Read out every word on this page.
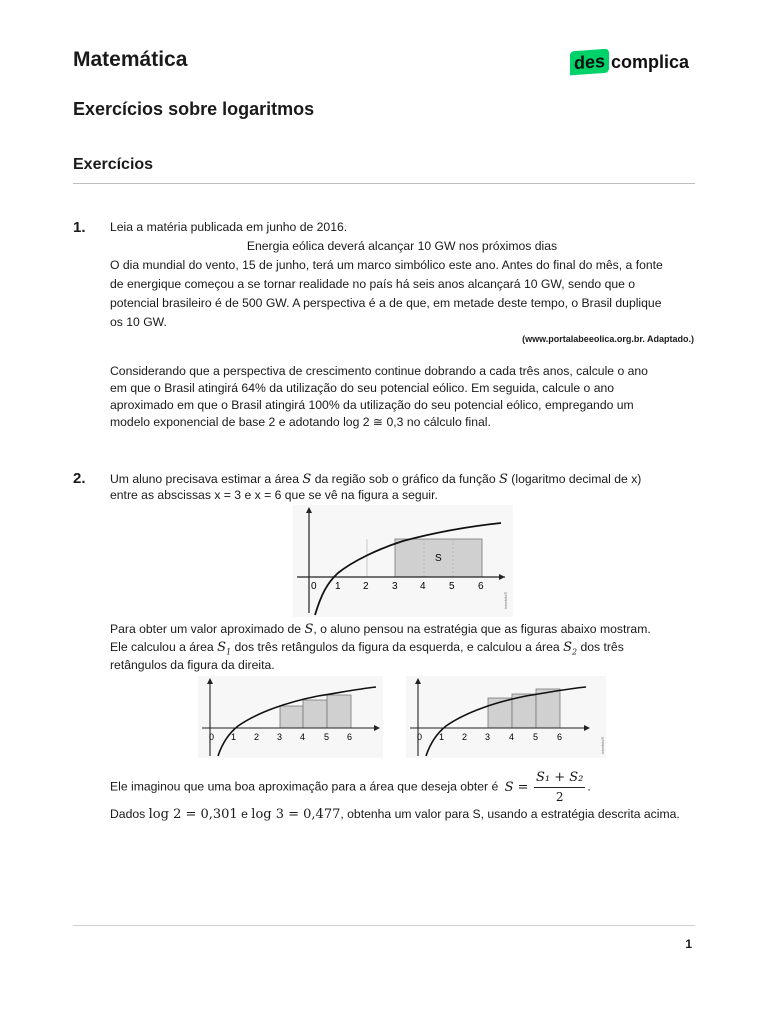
Matemática	des complica
Exercícios sobre logaritmos
Exercícios
1. Leia a matéria publicada em junho de 2016.

Energia eólica deverá alcançar 10 GW nos próximos dias

O dia mundial do vento, 15 de junho, terá um marco simbólico este ano. Antes do final do mês, a fonte

de energique começou a se tornar realidade no país há seis anos alcançará 10 GW, sendo que o

potencial brasileiro é de 500 GW. A perspectiva é a de que, em metade deste tempo, o Brasil duplique

os 10 GW.

(www.portalabeeolica.org.br. Adaptado.)

Considerando que a perspectiva de crescimento continue dobrando a cada três anos, calcule o ano

em que o Brasil atingirá 64% da utilização do seu potencial eólico. Em seguida, calcule o ano

aproximado em que o Brasil atingirá 100% da utilização do seu potencial eólico, empregando um

modelo exponencial de base 2 e adotando log 2 ≅ 0,3 no cálculo final.

2. Um aluno precisava estimar a área S da região sob o gráfico da função S (logaritmo decimal de x)

entre as abscissas x = 3 e x = 6 que se vê na figura a seguir.

0 1 2 3 4 5 6
S
Interbits®

Para obter um valor aproximado de S, o aluno pensou na estratégia que as figuras abaixo mostram.

Ele calculou a área $S_1$ dos três retângulos da figura da esquerda, e calculou a área $S_2$ dos três

retângulos da figura da direita.

0 1 2 3 4 5 6	0 1 2 3 4 5 6	Interbits®

Ele imaginou que uma boa aproximação para a área que deseja obter é $S = \frac{\text{S₁ + S₂}}{2}$ .

Dados log 2 = 0,301 e log 3 = 0,477, obtenha um valor para S, usando a estratégia descrita acima.

1
